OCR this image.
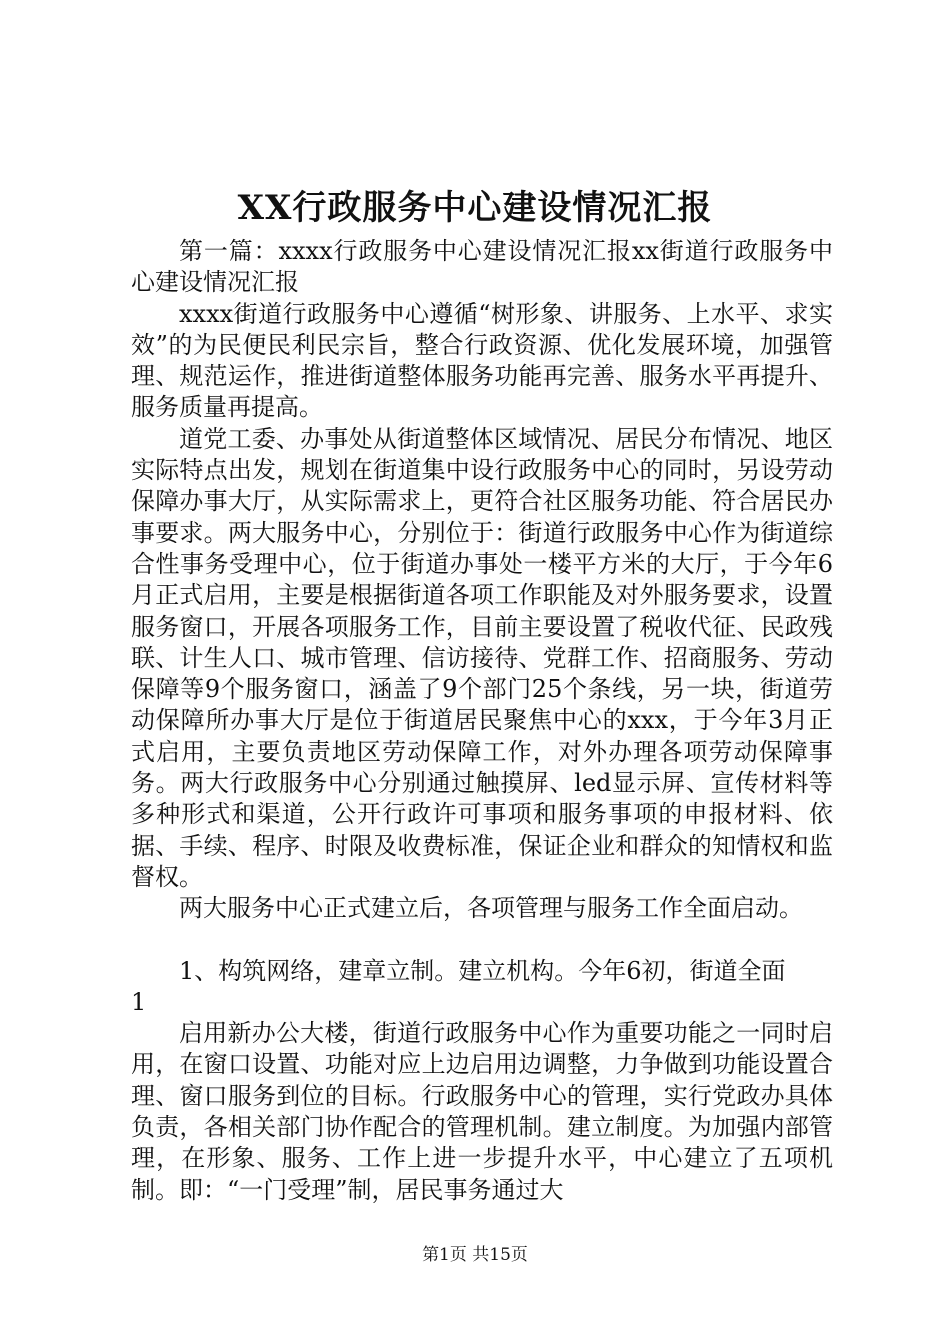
XX行政服务中心建设情况汇报

第一篇：xxxx行政服务中心建设情况汇报xx街道行政服务中心建设情况汇报

xxxx街道行政服务中心遵循“树形象、讲服务、上水平、求实效”的为民便民利民宗旨，整合行政资源、优化发展环境，加强管理、规范运作，推进街道整体服务功能再完善、服务水平再提升、服务质量再提高。

道党工委、办事处从街道整体区域情况、居民分布情况、地区实际特点出发，规划在街道集中设行政服务中心的同时，另设劳动保障办事大厅，从实际需求上，更符合社区服务功能、符合居民办事要求。两大服务中心，分别位于：街道行政服务中心作为街道综合性事务受理中心，位于街道办事处一楼平方米的大厅，于今年6月正式启用，主要是根据街道各项工作职能及对外服务要求，设置服务窗口，开展各项服务工作，目前主要设置了税收代征、民政残联、计生人口、城市管理、信访接待、党群工作、招商服务、劳动保障等9个服务窗口，涵盖了9个部门25个条线，另一块，街道劳动保障所办事大厅是位于街道居民聚焦中心的xxx，于今年3月正式启用，主要负责地区劳动保障工作，对外办理各项劳动保障事务。两大行政服务中心分别通过触摸屏、led显示屏、宣传材料等多种形式和渠道，公开行政许可事项和服务事项的申报材料、依据、手续、程序、时限及收费标准，保证企业和群众的知情权和监督权。

两大服务中心正式建立后，各项管理与服务工作全面启动。

1、构筑网络，建章立制。建立机构。今年6初，街道全面

1

启用新办公大楼，街道行政服务中心作为重要功能之一同时启用，在窗口设置、功能对应上边启用边调整，力争做到功能设置合理、窗口服务到位的目标。行政服务中心的管理，实行党政办具体负责，各相关部门协作配合的管理机制。建立制度。为加强内部管理，在形象、服务、工作上进一步提升水平，中心建立了五项机制。即：“一门受理”制，居民事务通过大

第1页 共15页
